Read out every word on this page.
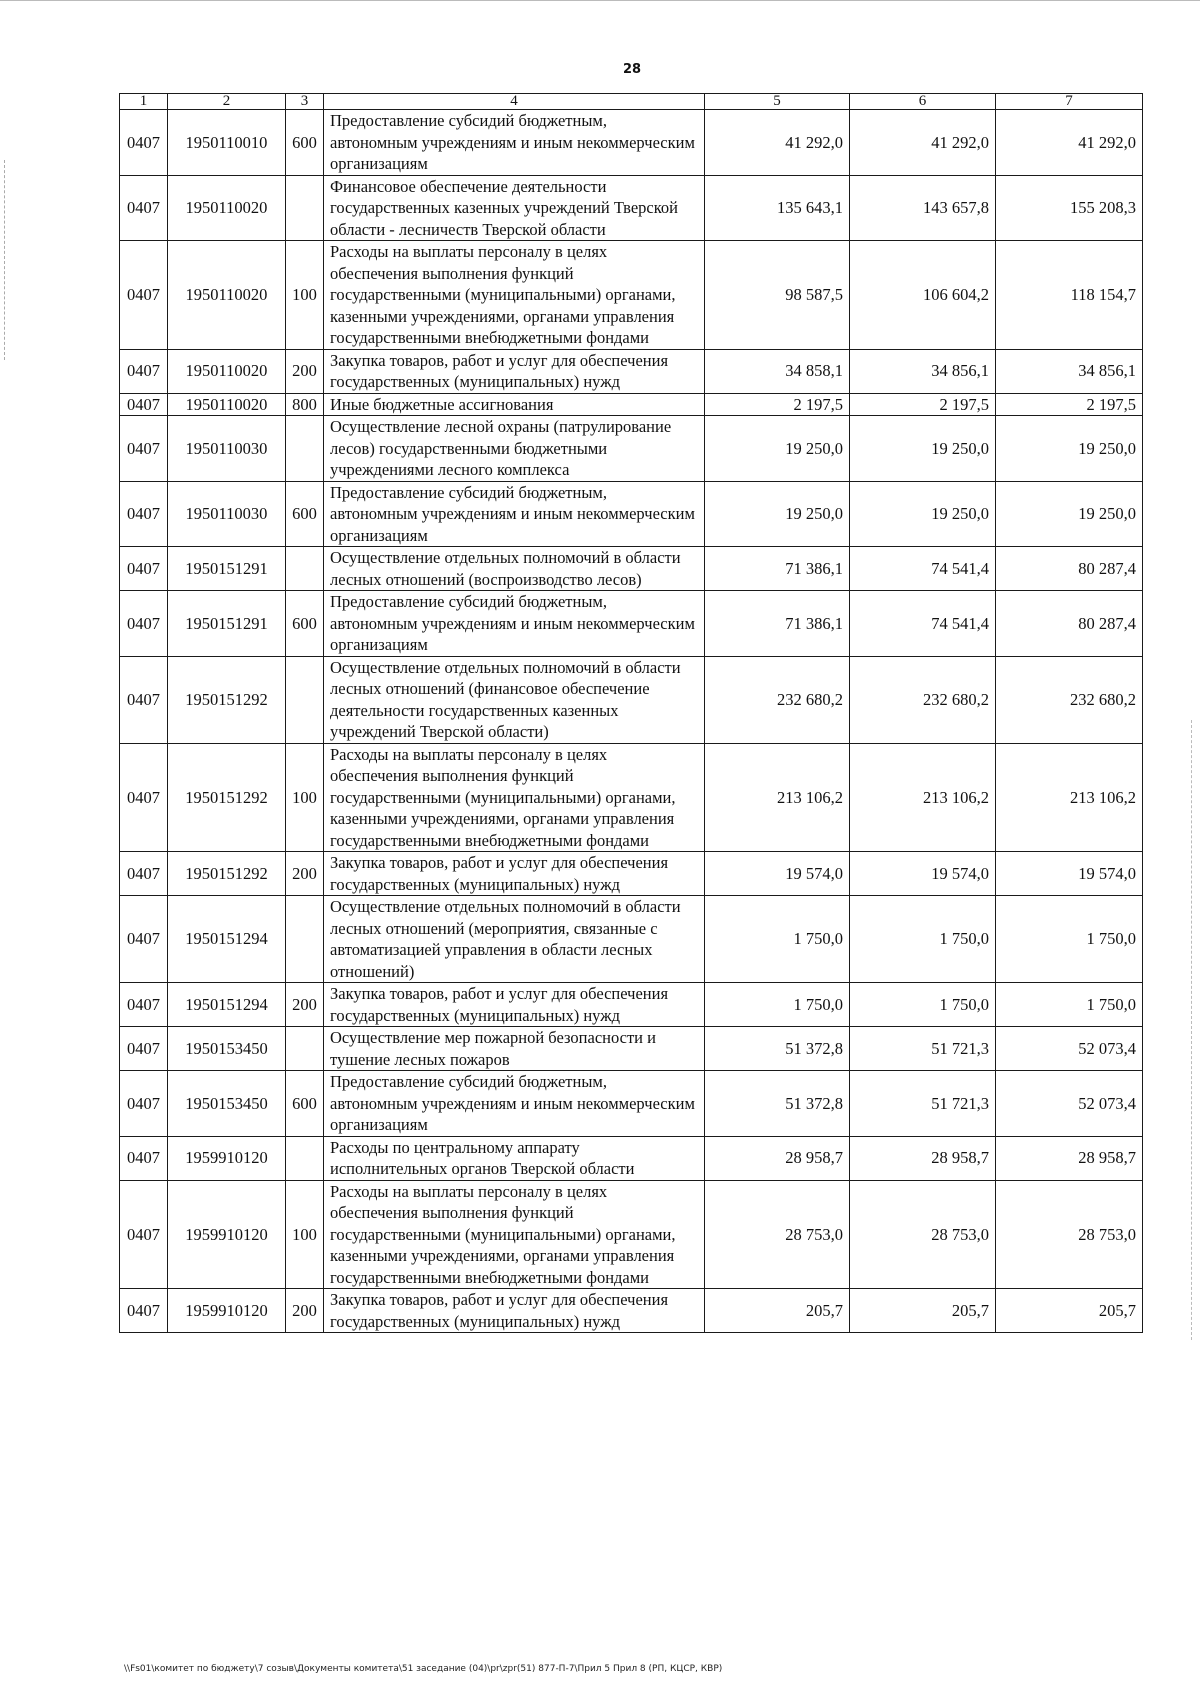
28
1	2	3	4	5	6	7
0407	1950110010	600	Предоставление субсидий бюджетным, автономным учреждениям и иным некоммерческим организациям	41 292,0	41 292,0	41 292,0
0407	1950110020		Финансовое обеспечение деятельности государственных казенных учреждений Тверской области - лесничеств Тверской области	135 643,1	143 657,8	155 208,3
0407	1950110020	100	Расходы на выплаты персоналу в целях обеспечения выполнения функций государственными (муниципальными) органами, казенными учреждениями, органами управления государственными внебюджетными фондами	98 587,5	106 604,2	118 154,7
0407	1950110020	200	Закупка товаров, работ и услуг для обеспечения государственных (муниципальных) нужд	34 858,1	34 856,1	34 856,1
0407	1950110020	800	Иные бюджетные ассигнования	2 197,5	2 197,5	2 197,5
0407	1950110030		Осуществление лесной охраны (патрулирование лесов) государственными бюджетными учреждениями лесного комплекса	19 250,0	19 250,0	19 250,0
0407	1950110030	600	Предоставление субсидий бюджетным, автономным учреждениям и иным некоммерческим организациям	19 250,0	19 250,0	19 250,0
0407	1950151291		Осуществление отдельных полномочий в области лесных отношений (воспроизводство лесов)	71 386,1	74 541,4	80 287,4
0407	1950151291	600	Предоставление субсидий бюджетным, автономным учреждениям и иным некоммерческим организациям	71 386,1	74 541,4	80 287,4
0407	1950151292		Осуществление отдельных полномочий в области лесных отношений (финансовое обеспечение деятельности государственных казенных учреждений Тверской области)	232 680,2	232 680,2	232 680,2
0407	1950151292	100	Расходы на выплаты персоналу в целях обеспечения выполнения функций государственными (муниципальными) органами, казенными учреждениями, органами управления государственными внебюджетными фондами	213 106,2	213 106,2	213 106,2
0407	1950151292	200	Закупка товаров, работ и услуг для обеспечения государственных (муниципальных) нужд	19 574,0	19 574,0	19 574,0
0407	1950151294		Осуществление отдельных полномочий в области лесных отношений (мероприятия, связанные с автоматизацией управления в области лесных отношений)	1 750,0	1 750,0	1 750,0
0407	1950151294	200	Закупка товаров, работ и услуг для обеспечения государственных (муниципальных) нужд	1 750,0	1 750,0	1 750,0
0407	1950153450		Осуществление мер пожарной безопасности и тушение лесных пожаров	51 372,8	51 721,3	52 073,4
0407	1950153450	600	Предоставление субсидий бюджетным, автономным учреждениям и иным некоммерческим организациям	51 372,8	51 721,3	52 073,4
0407	1959910120		Расходы по центральному аппарату исполнительных органов Тверской области	28 958,7	28 958,7	28 958,7
0407	1959910120	100	Расходы на выплаты персоналу в целях обеспечения выполнения функций государственными (муниципальными) органами, казенными учреждениями, органами управления государственными внебюджетными фондами	28 753,0	28 753,0	28 753,0
0407	1959910120	200	Закупка товаров, работ и услуг для обеспечения государственных (муниципальных) нужд	205,7	205,7	205,7
\\Fs01\комитет по бюджету\7 созыв\Документы комитета\51 заседание (04)\pr\zpr(51) 877-П-7\Прил 5 Прил 8 (РП, КЦСР, КВР)
